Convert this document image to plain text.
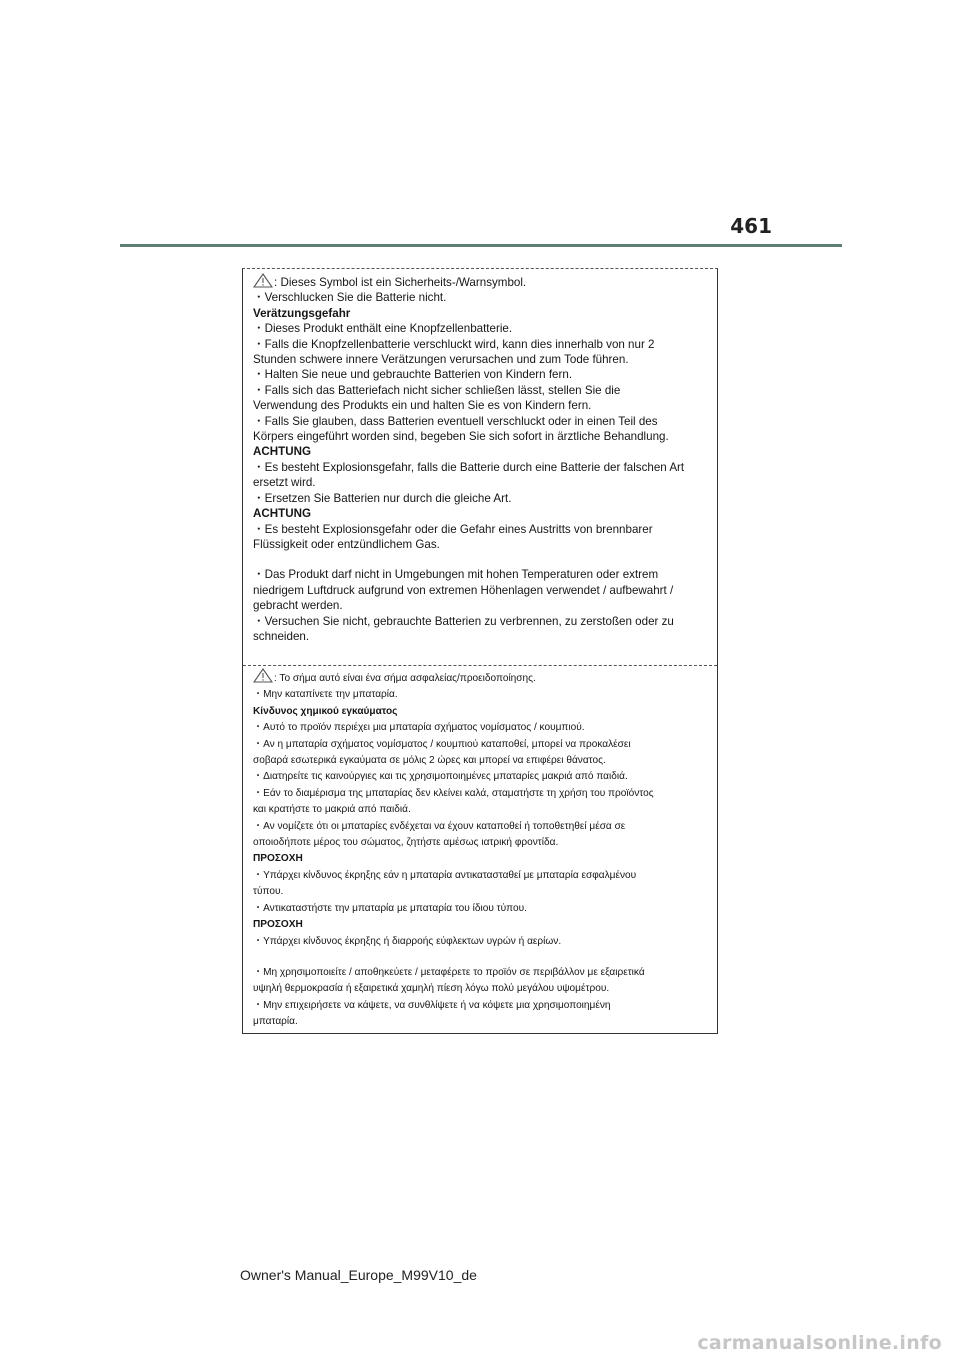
461

: Dieses Symbol ist ein Sicherheits-/Warnsymbol.

・Verschlucken Sie die Batterie nicht.

Verätzungsgefahr

・Dieses Produkt enthält eine Knopfzellenbatterie.

・Falls die Knopfzellenbatterie verschluckt wird, kann dies innerhalb von nur 2

Stunden schwere innere Verätzungen verursachen und zum Tode führen.

・Halten Sie neue und gebrauchte Batterien von Kindern fern.

・Falls sich das Batteriefach nicht sicher schließen lässt, stellen Sie die

Verwendung des Produkts ein und halten Sie es von Kindern fern.

・Falls Sie glauben, dass Batterien eventuell verschluckt oder in einen Teil des

Körpers eingeführt worden sind, begeben Sie sich sofort in ärztliche Behandlung.

ACHTUNG

・Es besteht Explosionsgefahr, falls die Batterie durch eine Batterie der falschen Art

ersetzt wird.

・Ersetzen Sie Batterien nur durch die gleiche Art.

ACHTUNG

・Es besteht Explosionsgefahr oder die Gefahr eines Austritts von brennbarer

Flüssigkeit oder entzündlichem Gas.

・Das Produkt darf nicht in Umgebungen mit hohen Temperaturen oder extrem

niedrigem Luftdruck aufgrund von extremen Höhenlagen verwendet / aufbewahrt /

gebracht werden.

・Versuchen Sie nicht, gebrauchte Batterien zu verbrennen, zu zerstoßen oder zu

schneiden.

: Το σήμα αυτό είναι ένα σήμα ασφαλείας/προειδοποίησης.

・Μην καταπίνετε την μπαταρία.

Κίνδυνος χημικού εγκαύματος

・Αυτό το προϊόν περιέχει μια μπαταρία σχήματος νομίσματος / κουμπιού.

・Αν η μπαταρία σχήματος νομίσματος / κουμπιού καταποθεί, μπορεί να προκαλέσει

σοβαρά εσωτερικά εγκαύματα σε μόλις 2 ώρες και μπορεί να επιφέρει θάνατος.

・Διατηρείτε τις καινούργιες και τις χρησιμοποιημένες μπαταρίες μακριά από παιδιά.

・Εάν το διαμέρισμα της μπαταρίας δεν κλείνει καλά, σταματήστε τη χρήση του προϊόντος

και κρατήστε το μακριά από παιδιά.

・Αν νομίζετε ότι οι μπαταρίες ενδέχεται να έχουν καταποθεί ή τοποθετηθεί μέσα σε

οποιοδήποτε μέρος του σώματος, ζητήστε αμέσως ιατρική φροντίδα.

ΠΡΟΣΟΧΗ

・Υπάρχει κίνδυνος έκρηξης εάν η μπαταρία αντικατασταθεί με μπαταρία εσφαλμένου

τύπου.

・Αντικαταστήστε την μπαταρία με μπαταρία του ίδιου τύπου.

ΠΡΟΣΟΧΗ

・Υπάρχει κίνδυνος έκρηξης ή διαρροής εύφλεκτων υγρών ή αερίων.

・Μη χρησιμοποιείτε / αποθηκεύετε / μεταφέρετε το προϊόν σε περιβάλλον με εξαιρετικά

υψηλή θερμοκρασία ή εξαιρετικά χαμηλή πίεση λόγω πολύ μεγάλου υψομέτρου.

・Μην επιχειρήσετε να κάψετε, να συνθλίψετε ή να κόψετε μια χρησιμοποιημένη

μπαταρία.

Owner's Manual_Europe_M99V10_de
carmanualsonline.info
